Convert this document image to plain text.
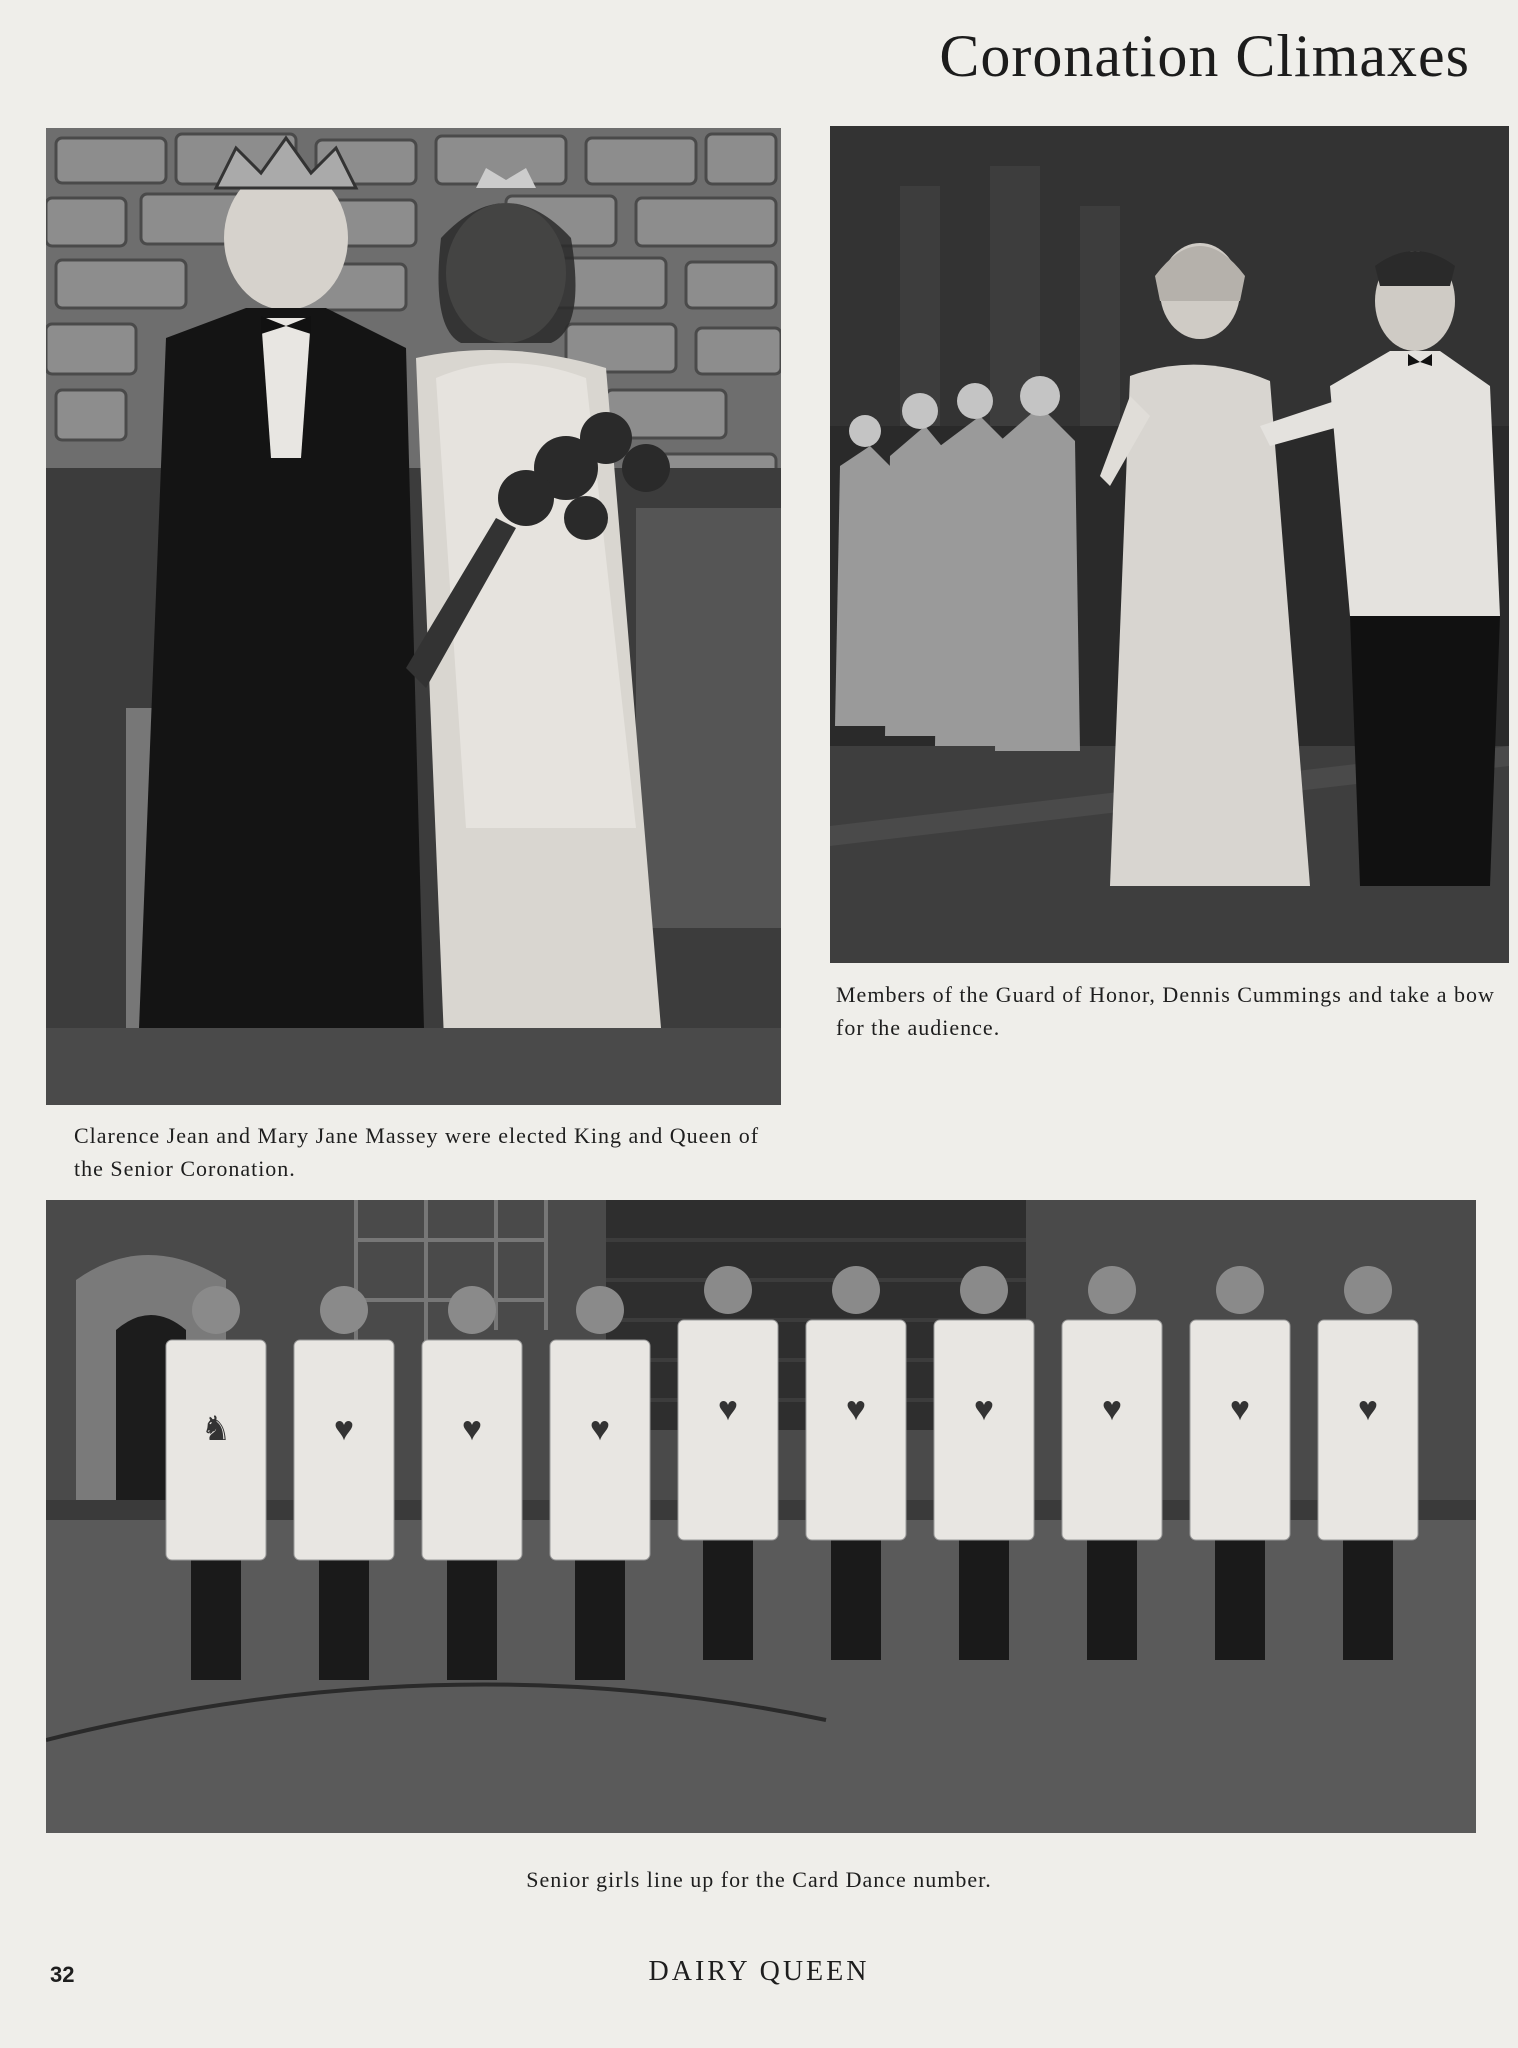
Coronation Climaxes
Clarence Jean and Mary Jane Massey were elected King and Queen of the Senior Coronation.
Members of the Guard of Honor, Dennis Cummings and take a bow for the audience.
♞	♥	♥	♥
♥	♥	♥	♥	♥	♥
Senior girls line up for the Card Dance number.
32	DAIRY QUEEN
